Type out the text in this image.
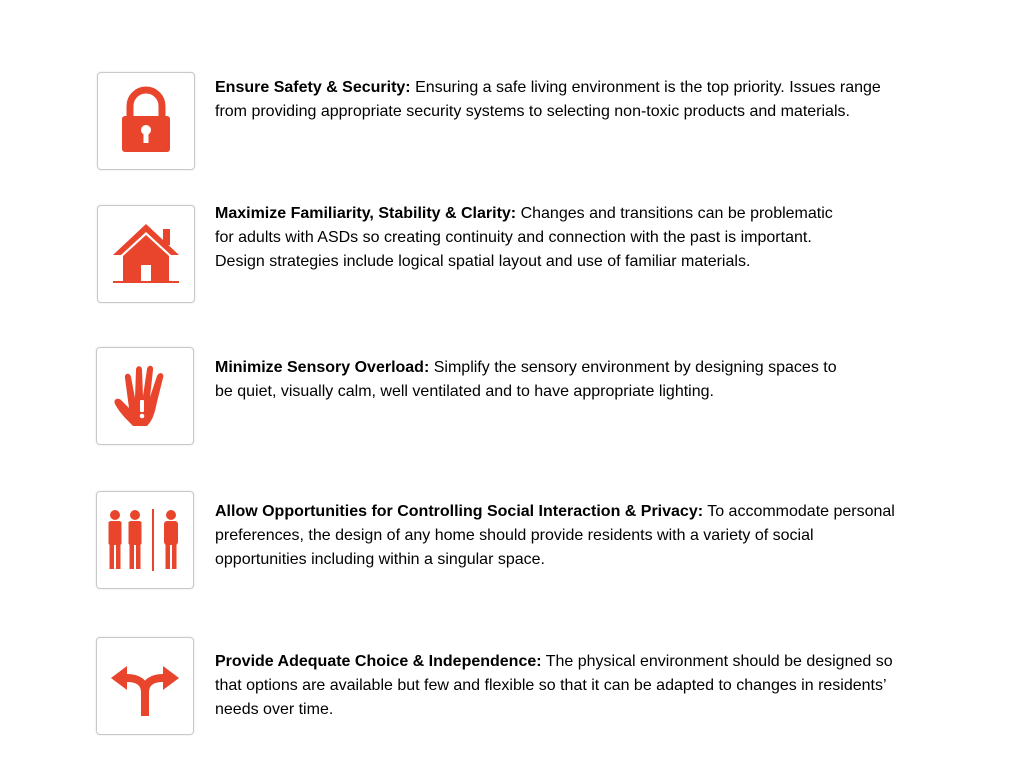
Ensure Safety & Security: Ensuring a safe living environment is the top priority. Issues range
from providing appropriate security systems to selecting non-toxic products and materials.
Maximize Familiarity, Stability & Clarity: Changes and transitions can be problematic
for adults with ASDs so creating continuity and connection with the past is important.
Design strategies include logical spatial layout and use of familiar materials.
Minimize Sensory Overload: Simplify the sensory environment by designing spaces to
be quiet, visually calm, well ventilated and to have appropriate lighting.
Allow Opportunities for Controlling Social Interaction & Privacy: To accommodate personal
preferences, the design of any home should provide residents with a variety of social
opportunities including within a singular space.
Provide Adequate Choice & Independence: The physical environment should be designed so
that options are available but few and flexible so that it can be adapted to changes in residents’
needs over time.
